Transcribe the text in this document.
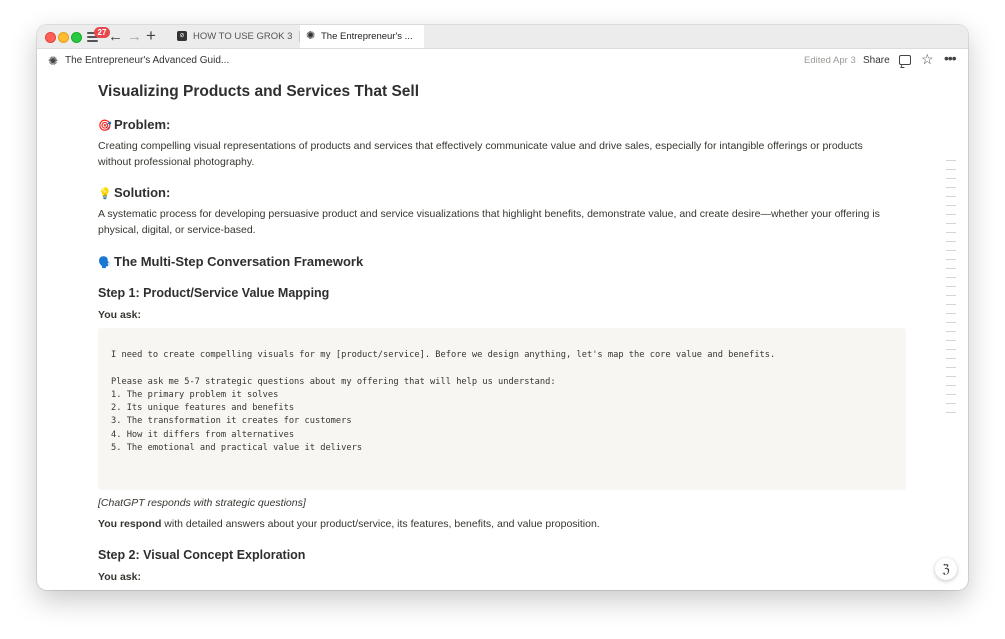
27 ← → +	⊘ HOW TO USE GROK 3 ✺ The Entrepreneur's ...
✺ The Entrepreneur's Advanced Guid...	Edited Apr 3 Share ☆ •••
Visualizing Products and Services That Sell
🎯 Problem:
Creating compelling visual representations of products and services that effectively communicate value and drive sales, especially for intangible offerings or products without professional photography.
💡 Solution:
A systematic process for developing persuasive product and service visualizations that highlight benefits, demonstrate value, and create desire—whether your offering is physical, digital, or service-based.
🗣️ The Multi-Step Conversation Framework
Step 1: Product/Service Value Mapping
You ask:
I need to create compelling visuals for my [product/service]. Before we design anything, let's map the core value and benefits.
Please ask me 5-7 strategic questions about my offering that will help us understand:
1. The primary problem it solves
2. Its unique features and benefits
3. The transformation it creates for customers
4. How it differs from alternatives
5. The emotional and practical value it delivers
[ChatGPT responds with strategic questions]
You respond with detailed answers about your product/service, its features, benefits, and value proposition.
Step 2: Visual Concept Exploration
You ask:
ℨ
